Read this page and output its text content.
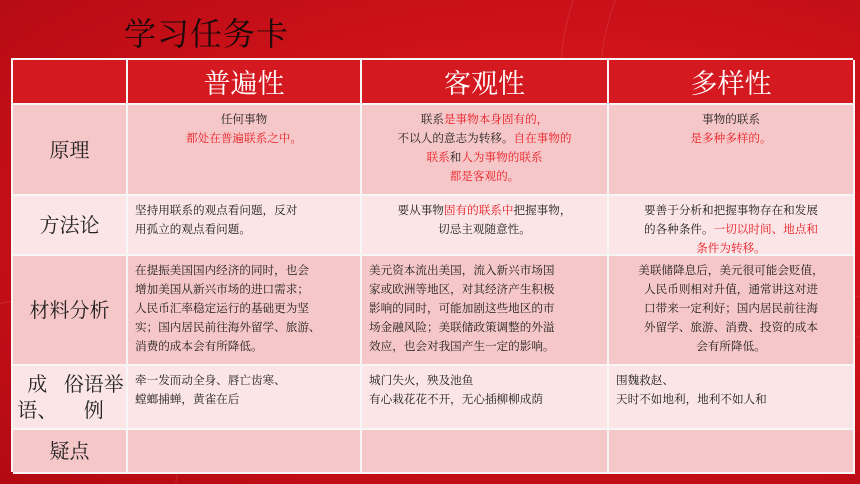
学习任务卡
普遍性	客观性	多样性
原理
任何事物
都处在普遍联系之中。
联系是事物本身固有的，
不以人的意志为转移。自在事物的
联系和人为事物的联系
都是客观的。
事物的联系
是多种多样的。
方法论
坚持用联系的观点看问题，反对
用孤立的观点看问题。
要从事物固有的联系中把握事物，
切忌主观随意性。
要善于分析和把握事物存在和发展
的各种条件。一切以时间、地点和
条件为转移。
材料分析
在提振美国国内经济的同时，也会
增加美国从新兴市场的进口需求；
人民币汇率稳定运行的基础更为坚
实；国内居民前往海外留学、旅游、
消费的成本会有所降低。
美元资本流出美国，流入新兴市场国
家或欧洲等地区，对其经济产生积极
影响的同时，可能加剧这些地区的市
场金融风险；美联储政策调整的外溢
效应，也会对我国产生一定的影响。
美联储降息后，美元很可能会贬值，
人民币则相对升值，通常讲这对进
口带来一定利好；国内居民前往海
外留学、旅游、消费、投资的成本
会有所降低。
成语、
俗语举例
牵一发而动全身、唇亡齿寒、
螳螂捕蝉，黄雀在后
城门失火，殃及池鱼
有心栽花花不开，无心插柳柳成荫
围魏救赵、
天时不如地利，地利不如人和
疑点
